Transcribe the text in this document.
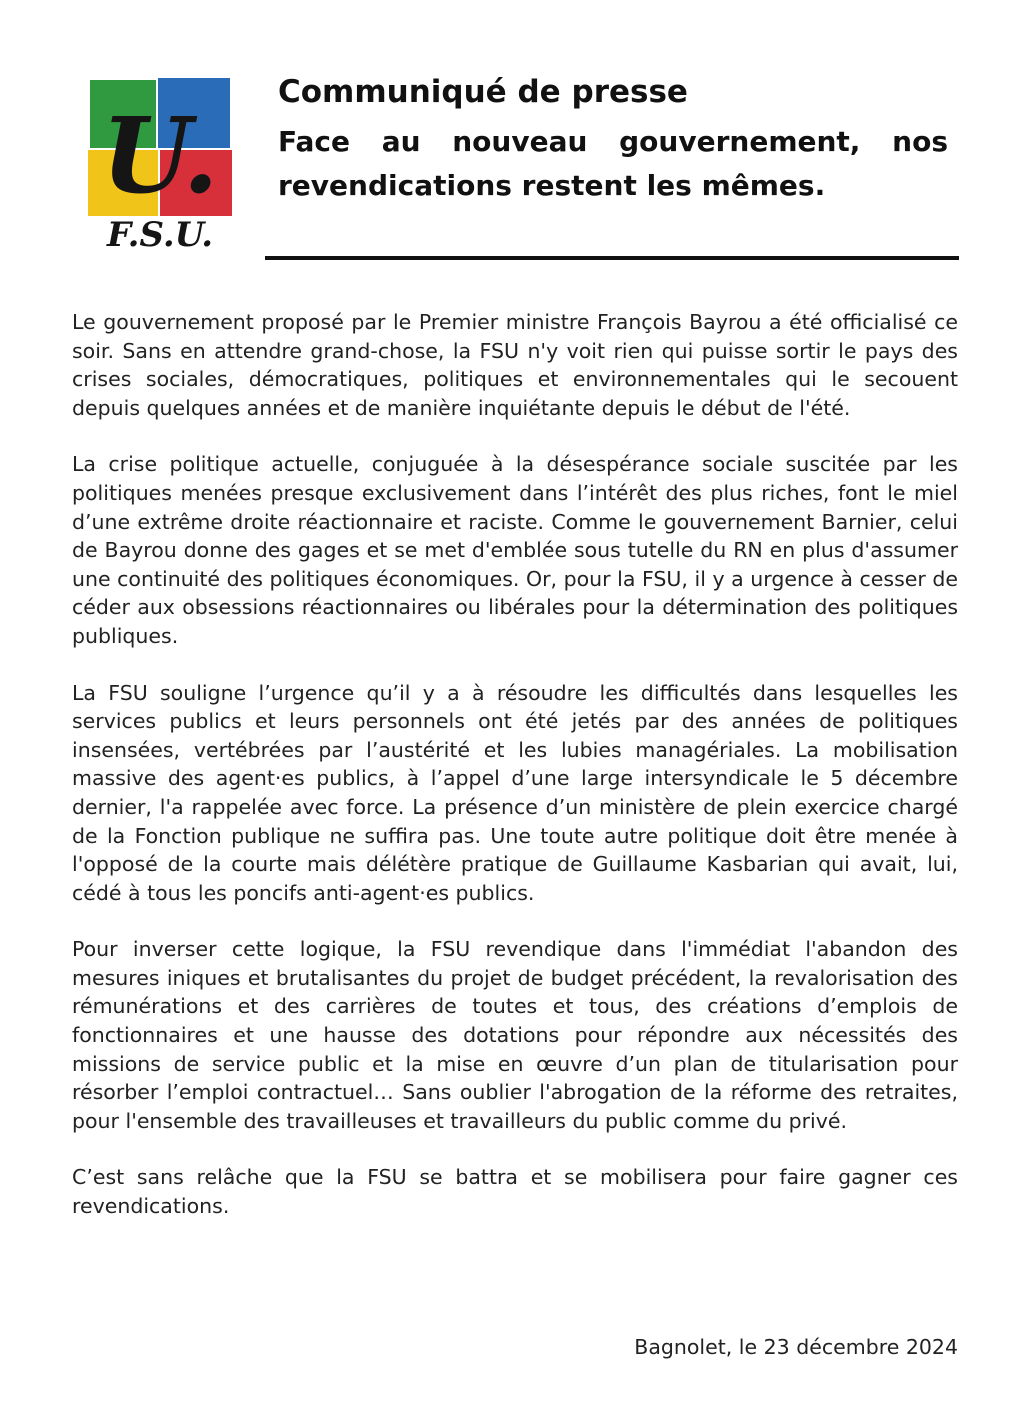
U.
F.S.U.
Communiqué de presse
Face au nouveau gouvernement, nos revendications restent les mêmes.

Le gouvernement proposé par le Premier ministre François Bayrou a été officialisé ce soir. Sans en attendre grand-chose, la FSU n'y voit rien qui puisse sortir le pays des crises sociales, démocratiques, politiques et environnementales qui le secouent depuis quelques années et de manière inquiétante depuis le début de l'été.

La crise politique actuelle, conjuguée à la désespérance sociale suscitée par les politiques menées presque exclusivement dans l’intérêt des plus riches, font le miel d’une extrême droite réactionnaire et raciste. Comme le gouvernement Barnier, celui de Bayrou donne des gages et se met d'emblée sous tutelle du RN en plus d'assumer une continuité des politiques économiques. Or, pour la FSU, il y a urgence à cesser de céder aux obsessions réactionnaires ou libérales pour la détermination des politiques publiques.

La FSU souligne l’urgence qu’il y a à résoudre les difficultés dans lesquelles les services publics et leurs personnels ont été jetés par des années de politiques insensées, vertébrées par l’austérité et les lubies managériales. La mobilisation massive des agent·es publics, à l’appel d’une large intersyndicale le 5 décembre dernier, l'a rappelée avec force. La présence d’un ministère de plein exercice chargé de la Fonction publique ne suffira pas. Une toute autre politique doit être menée à l'opposé de la courte mais délétère pratique de Guillaume Kasbarian qui avait, lui, cédé à tous les poncifs anti-agent·es publics.

Pour inverser cette logique, la FSU revendique dans l'immédiat l'abandon des mesures iniques et brutalisantes du projet de budget précédent, la revalorisation des rémunérations et des carrières de toutes et tous, des créations d’emplois de fonctionnaires et une hausse des dotations pour répondre aux nécessités des missions de service public et la mise en œuvre d’un plan de titularisation pour résorber l’emploi contractuel… Sans oublier l'abrogation de la réforme des retraites, pour l'ensemble des travailleuses et travailleurs du public comme du privé.

C’est sans relâche que la FSU se battra et se mobilisera pour faire gagner ces revendications.

Bagnolet, le 23 décembre 2024
